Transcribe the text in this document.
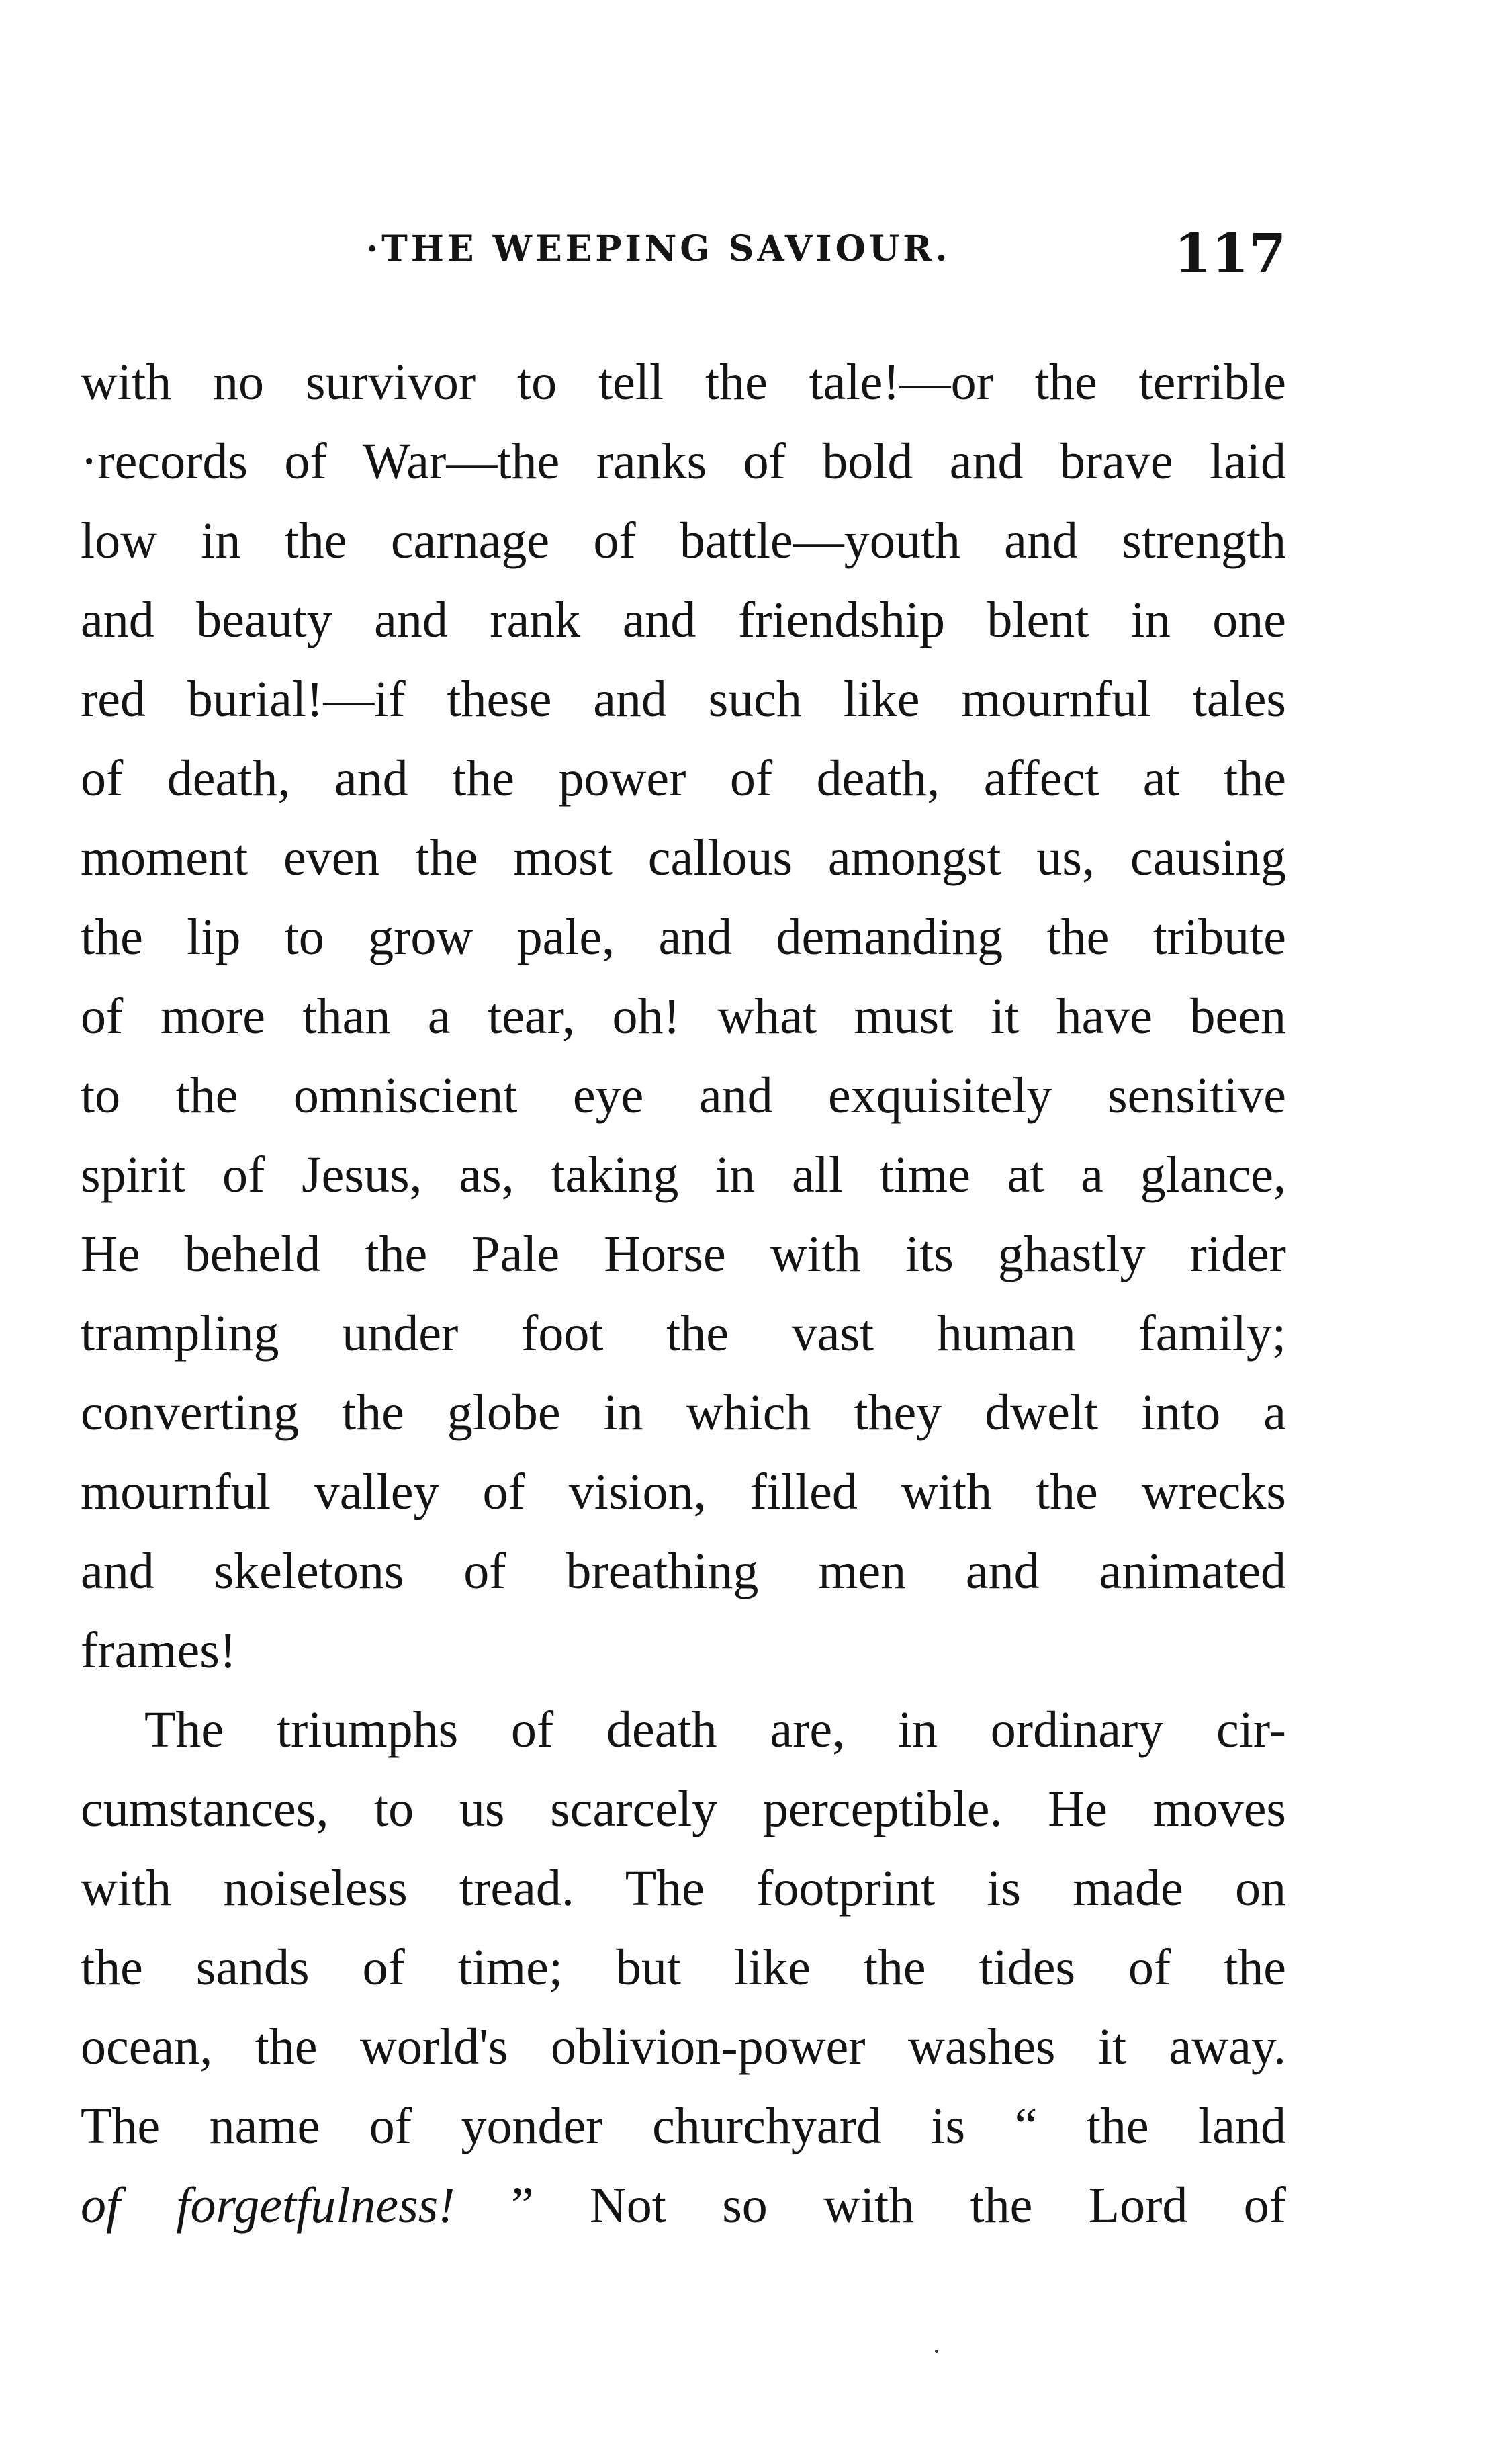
·THE WEEPING SAVIOUR.	117
with no survivor to tell the tale!—or the terrible
·records of War—the ranks of bold and brave laid
low in the carnage of battle—youth and strength
and beauty and rank and friendship blent in one
red burial!—if these and such like mournful tales
of death, and the power of death, affect at the
moment even the most callous amongst us, causing
the lip to grow pale, and demanding the tribute
of more than a tear, oh! what must it have been
to the omniscient eye and exquisitely sensitive
spirit of Jesus, as, taking in all time at a glance,
He beheld the Pale Horse with its ghastly rider
trampling under foot the vast human family;
converting the globe in which they dwelt into a
mournful valley of vision, filled with the wrecks
and skeletons of breathing men and animated
frames!
The triumphs of death are, in ordinary cir-
cumstances, to us scarcely perceptible. He moves
with noiseless tread. The footprint is made on
the sands of time; but like the tides of the
ocean, the world's oblivion-power washes it away.
The name of yonder churchyard is “ the land
of forgetfulness! ” Not so with the Lord of
